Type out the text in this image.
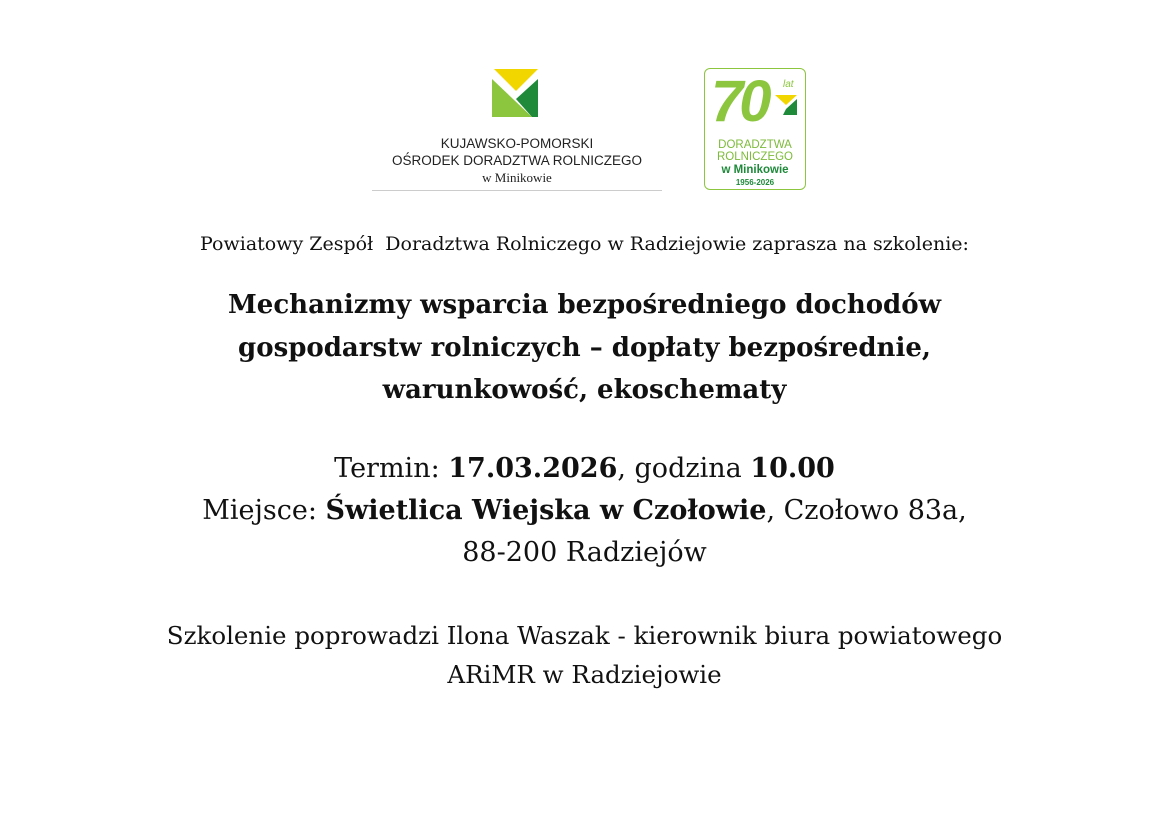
KUJAWSKO-POMORSKI
OŚRODEK DORADZTWA ROLNICZEGO
w Minikowie
70	lat
DORADZTWA
ROLNICZEGO
w Minikowie
1956-2026
Powiatowy Zespół  Doradztwa Rolniczego w Radziejowie zaprasza na szkolenie:
Mechanizmy wsparcia bezpośredniego dochodów
gospodarstw rolniczych – dopłaty bezpośrednie,
warunkowość, ekoschematy
Termin: 17.03.2026, godzina 10.00
Miejsce: Świetlica Wiejska w Czołowie, Czołowo 83a,
88-200 Radziejów
Szkolenie poprowadzi Ilona Waszak - kierownik biura powiatowego
ARiMR w Radziejowie
